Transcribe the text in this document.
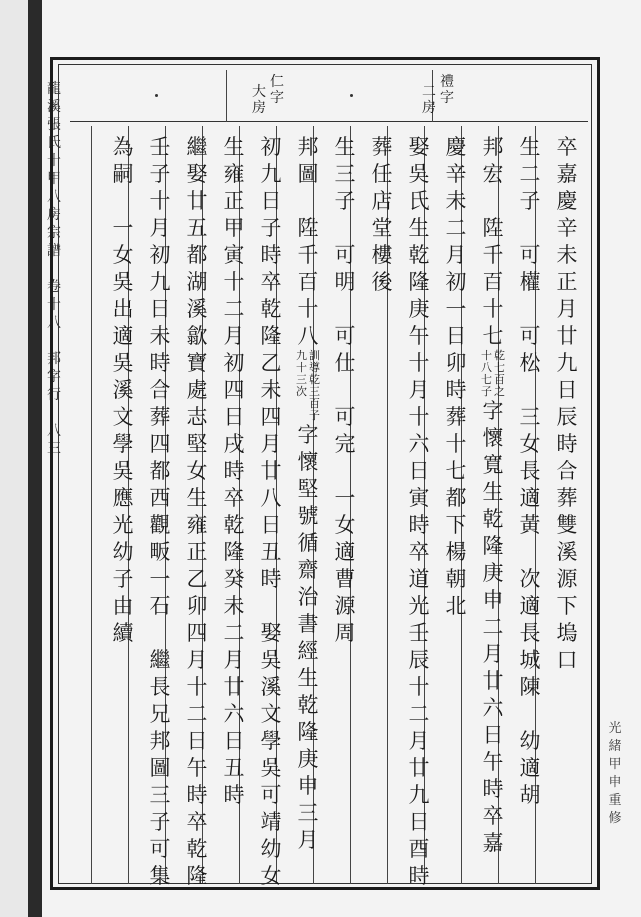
龍
溪
張
氏
十
甲
八
房
宗
譜

卷
十
八

邦
字
行

八
三
仁
字
大
房
禮
字
二
房
卒
嘉
慶
辛
未
正
月
廿
九
日
辰
時
合
葬
雙
溪
源
下
塢
口
生
二
子

可
權

可
松

三
女
長
適
黃

次
適
長
城
陳

幼
適
胡
邦
宏

陞
千
百
十
七
十
八
七
子
乾
七
百
之
字
懷
寬
生
乾
隆
庚
申
二
月
廿
六
日
午
時
卒
嘉
慶
辛
未
二
月
初
一
日
卯
時
葬
十
七
都
下
楊
朝
北
娶
吳
氏
生
乾
隆
庚
午
十
月
十
六
日
寅
時
卒
道
光
壬
辰
十
二
月
廿
九
日
酉
時
葬
任
店
堂
樓
後
生
三
子

可
明

可
仕

可
完

一
女
適
曹
源
周
邦
圖

陞
千
百
十
八
九
十
三
次
訓
導
乾
三
百
子
字
懷
堅
號
循
齋
治
書
經
生
乾
隆
庚
申
三
月
初
九
日
子
時
卒
乾
隆
乙
未
四
月
廿
八
日
丑
時

娶
吳
溪
文
學
吳
可
靖
幼
女
生
雍
正
甲
寅
十
二
月
初
四
日
戌
時
卒
乾
隆
癸
未
二
月
廿
六
日
丑
時
繼
娶
廿
五
都
湖
溪
歙
寶
處
志
堅
女
生
雍
正
乙
卯
四
月
十
二
日
午
時
卒
乾
隆
壬
子
十
月
初
九
日
未
時
合
葬
四
都
西
觀
畈
一
石

繼
長
兄
邦
圖
三
子
可
集
為
嗣

一
女
吳
出
適
吳
溪
文
學
吳
應
光
幼
子
由
續
光
緒
甲
申
重
修
